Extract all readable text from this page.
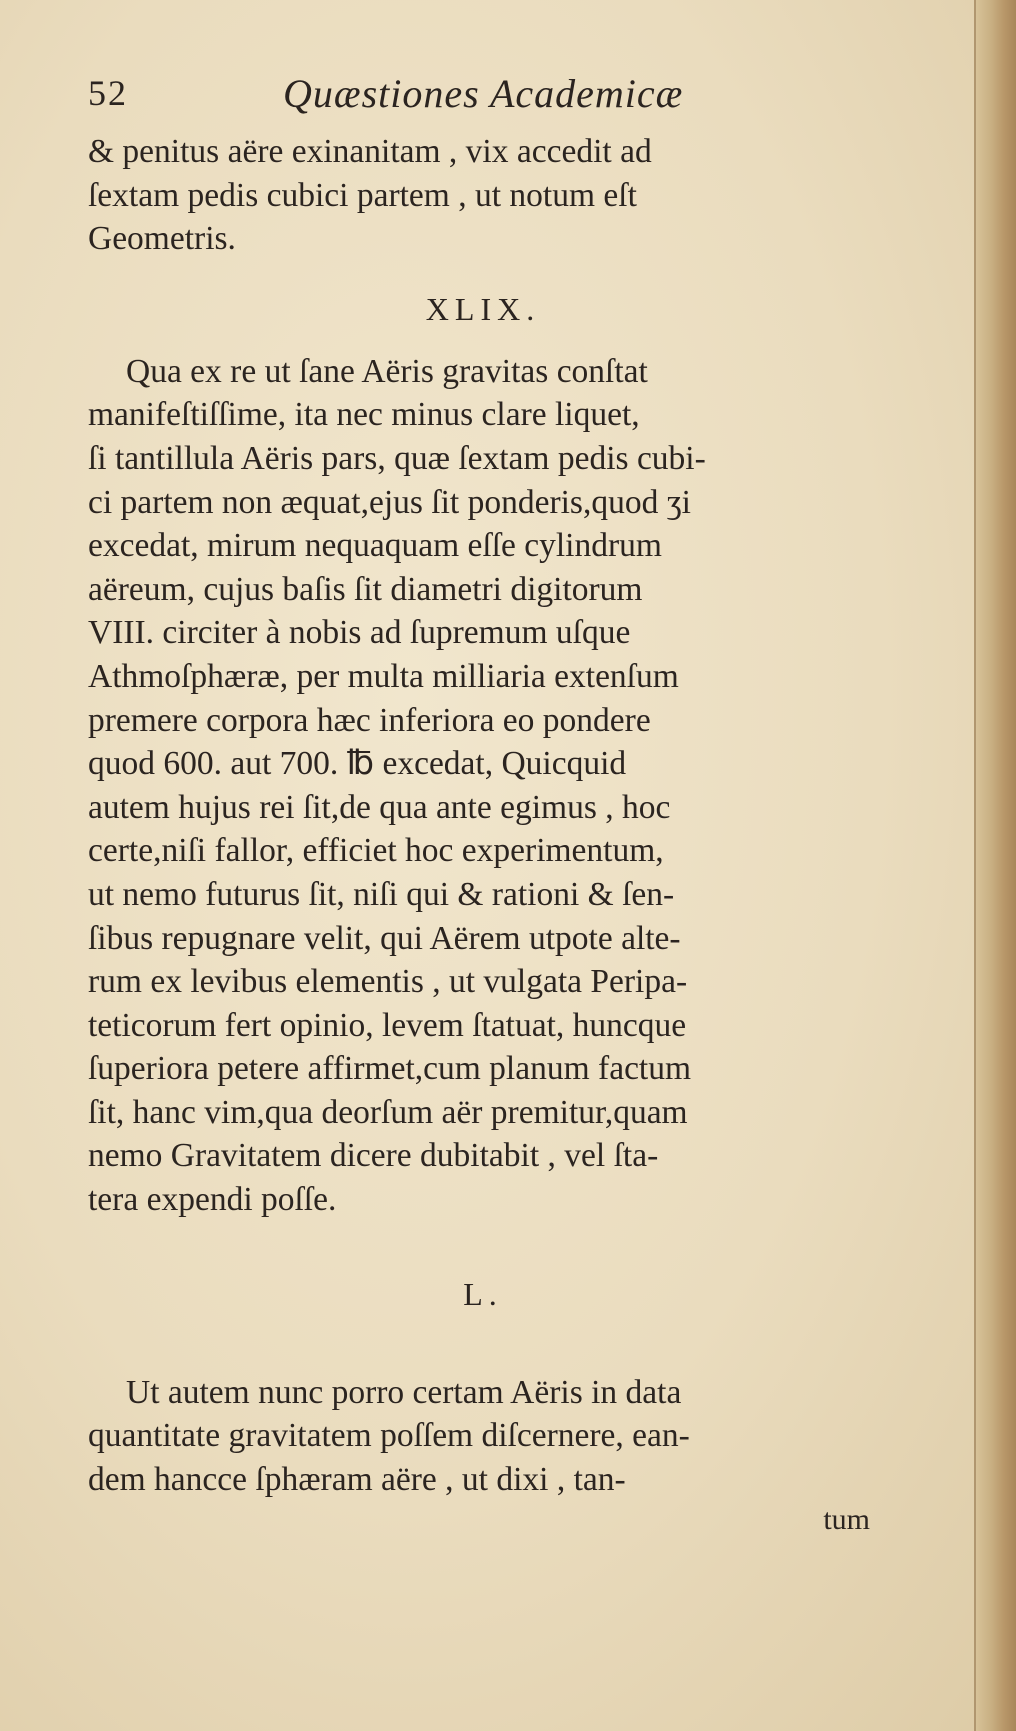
52	Quæstiones Academicæ

& penitus aëre exinanitam , vix accedit ad

ſextam pedis cubici partem , ut notum eſt

Geometris.

XLIX.

Qua ex re ut ſane Aëris gravitas conſtat

manifeſtiſſime, ita nec minus clare liquet,

ſi tantillula Aëris pars, quæ ſextam pedis cubi-

ci partem non æquat,ejus ſit ponderis,quod ʒi

excedat, mirum nequaquam eſſe cylindrum

aëreum, cujus baſis ſit diametri digitorum

VIII. circiter à nobis ad ſupremum uſque

Athmoſphæræ, per multa milliaria extenſum

premere corpora hæc inferiora eo pondere

quod 600. aut 700. ℔ excedat, Quicquid

autem hujus rei ſit,de qua ante egimus , hoc

certe,niſi fallor, efficiet hoc experimentum,

ut nemo futurus ſit, niſi qui & rationi & ſen-

ſibus repugnare velit, qui Aërem utpote alte-

rum ex levibus elementis , ut vulgata Peripa-

teticorum fert opinio, levem ſtatuat, huncque

ſuperiora petere affirmet,cum planum factum

ſit, hanc vim,qua deorſum aër premitur,quam

nemo Gravitatem dicere dubitabit , vel ſta-

tera expendi poſſe.

L.

Ut autem nunc porro certam Aëris in data

quantitate gravitatem poſſem diſcernere, ean-

dem hancce ſphæram aëre , ut dixi , tan-

tum
